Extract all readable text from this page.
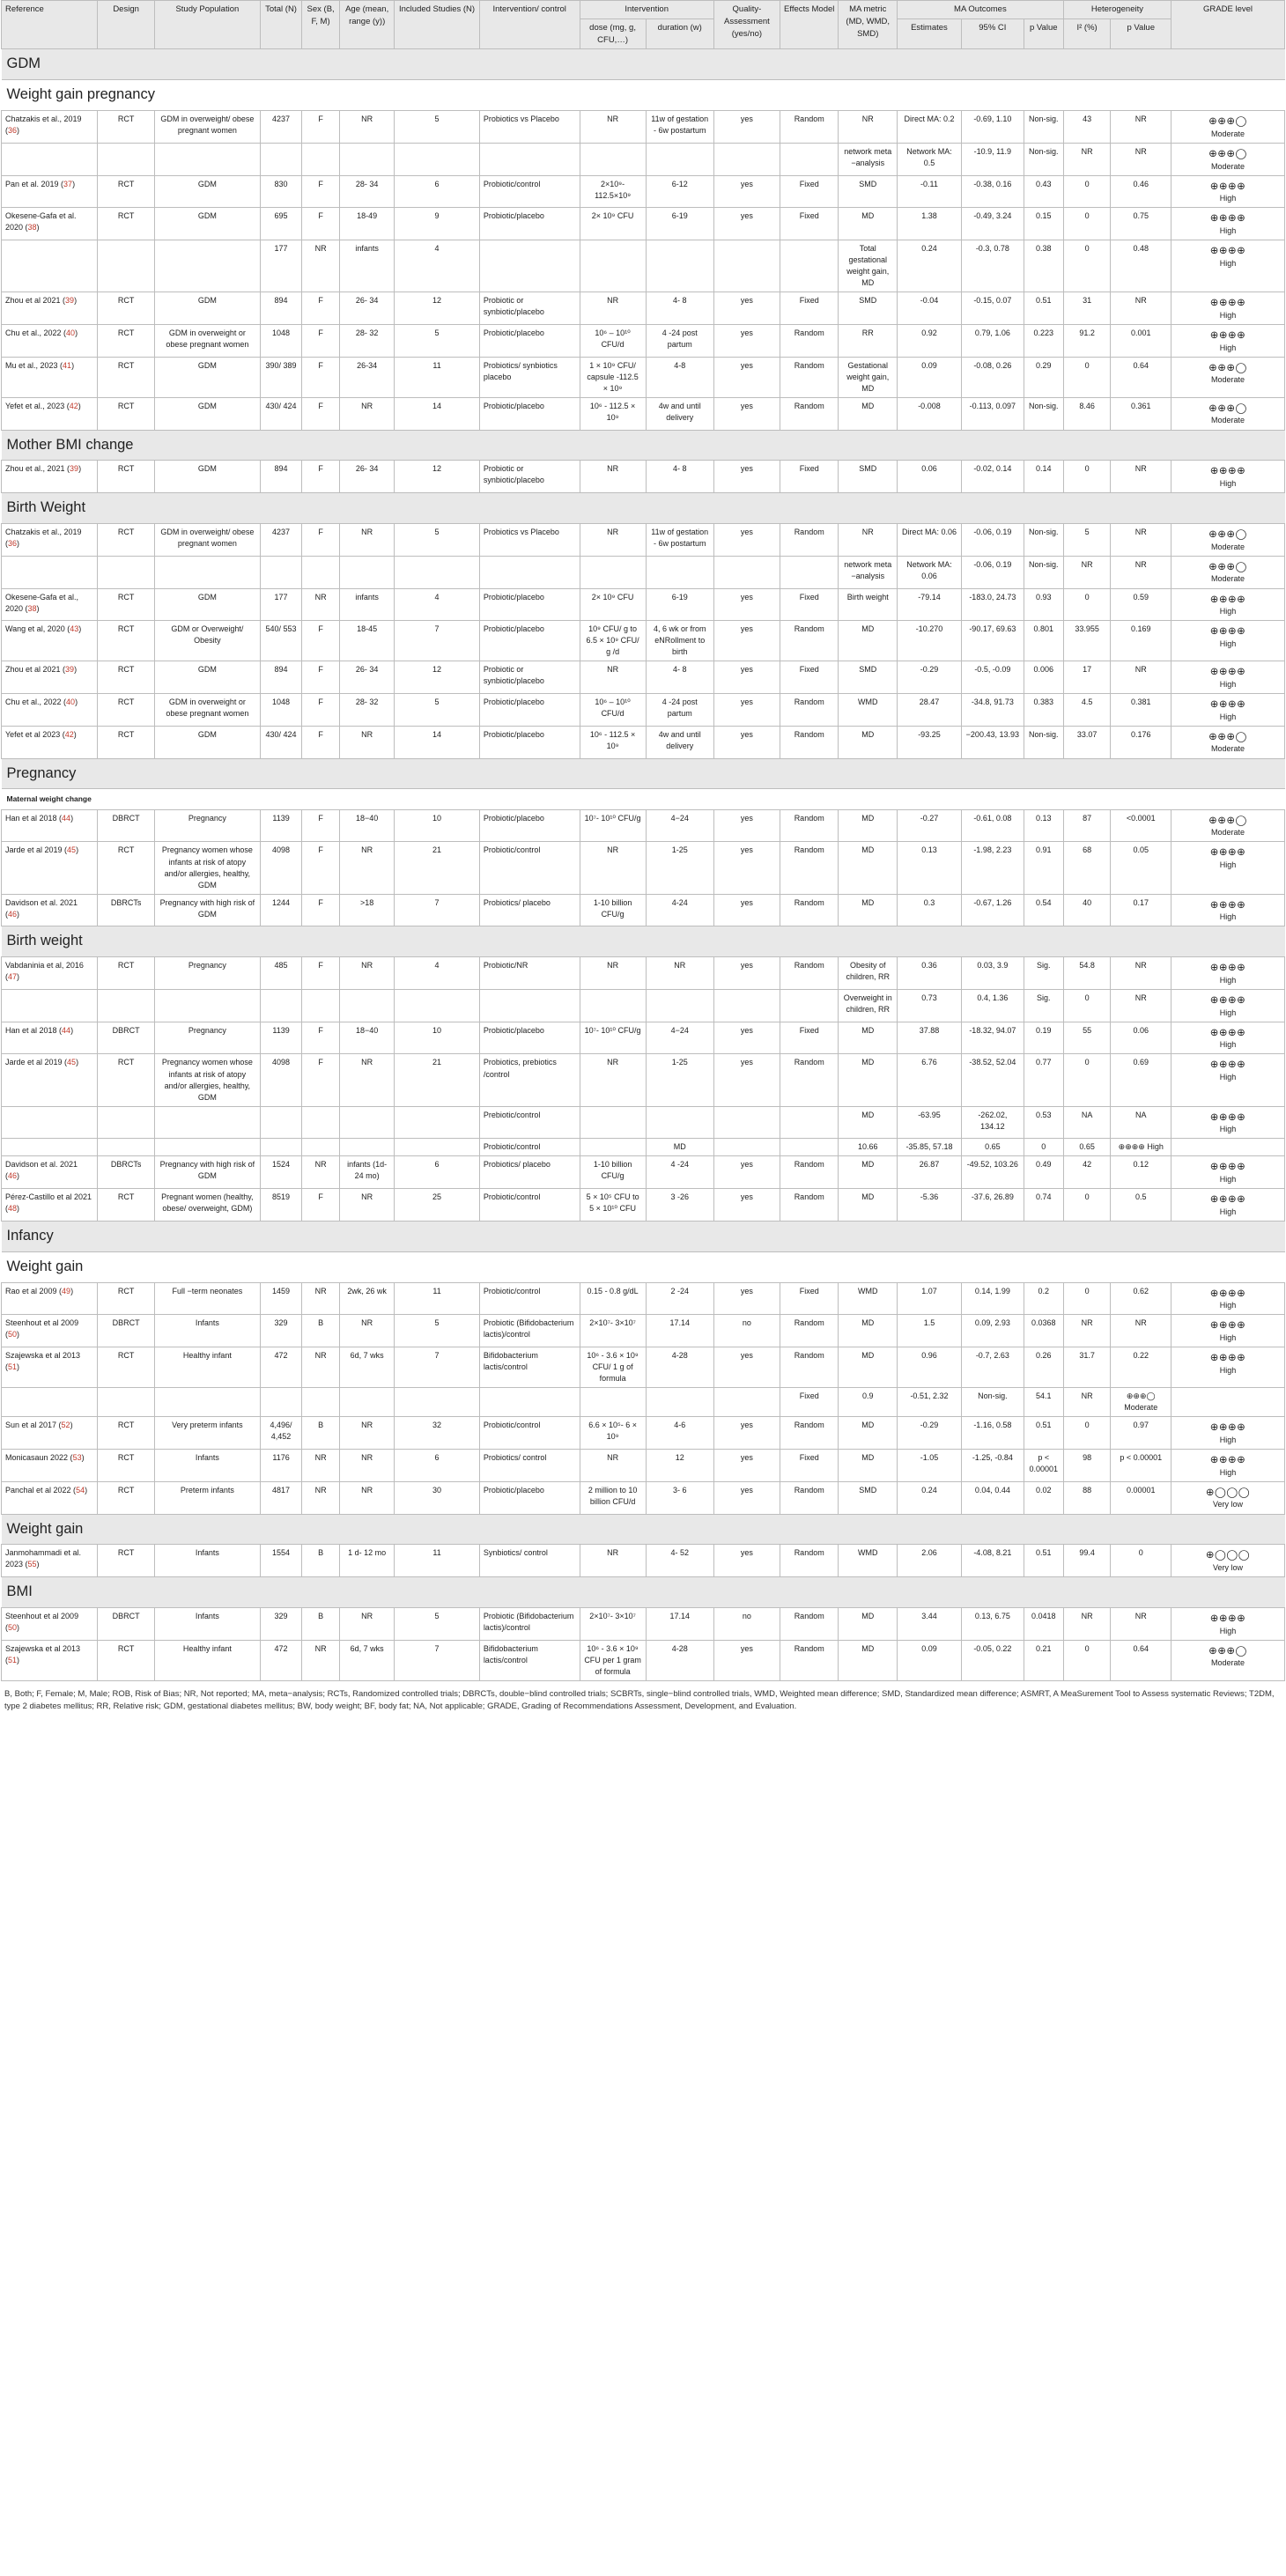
Reference	Design	Study Population	Total (N)	Sex (B, F, M)	Age (mean, range (y))	Included Studies (N)	Intervention/ control	Intervention		Quality-Assessment (yes/no)	Effects Model	MA metric (MD, WMD, SMD)	MA Outcomes			Heterogeneity		GRADE level
								dose (mg, g, CFU,…)	duration (w)				Estimates	95% CI	p Value	I² (%)	p Value	
GDM																		
Weight gain pregnancy																		
Chatzakis et al., 2019 (36)	RCT	GDM in overweight/ obese pregnant women	4237	F	NR	5	Probiotics vs Placebo	NR	11w of gestation - 6w postartum	yes	Random	NR	Direct MA: 0.2	-0.69, 1.10	Non-sig.	43	NR	⊕⊕⊕◯
Moderate

												network meta −analysis	Network MA: 0.5	-10.9, 11.9	Non-sig.	NR	NR	⊕⊕⊕◯
Moderate

Pan et al. 2019 (37)	RCT	GDM	830	F	28- 34	6	Probiotic/control	2×10⁹- 112.5×10⁹	6-12	yes	Fixed	SMD	-0.11	-0.38, 0.16	0.43	0	0.46	⊕⊕⊕⊕
High

Okesene-Gafa et al. 2020 (38)	RCT	GDM	695	F	18-49	9	Probiotic/placebo	2× 10⁹ CFU	6-19	yes	Fixed	MD	1.38	-0.49, 3.24	0.15	0	0.75	⊕⊕⊕⊕
High

			177	NR	infants	4						Total gestational weight gain, MD	0.24	-0.3, 0.78	0.38	0	0.48	⊕⊕⊕⊕
High

Zhou et al 2021 (39)	RCT	GDM	894	F	26- 34	12	Probiotic or synbiotic/placebo	NR	4- 8	yes	Fixed	SMD	-0.04	-0.15, 0.07	0.51	31	NR	⊕⊕⊕⊕
High

Chu et al., 2022 (40)	RCT	GDM in overweight or obese pregnant women	1048	F	28- 32	5	Probiotic/placebo	10⁶ – 10¹⁰ CFU/d	4 -24 post partum	yes	Random	RR	0.92	0.79, 1.06	0.223	91.2	0.001	⊕⊕⊕⊕
High

Mu et al., 2023 (41)	RCT	GDM	390/ 389	F	26-34	11	Probiotics/ synbiotics placebo	1 × 10⁹ CFU/ capsule -112.5 × 10⁹	4-8	yes	Random	Gestational weight gain, MD	0.09	-0.08, 0.26	0.29	0	0.64	⊕⊕⊕◯
Moderate

Yefet et al., 2023 (42)	RCT	GDM	430/ 424	F	NR	14	Probiotic/placebo	10⁶ - 112.5 × 10⁹	4w and until delivery	yes	Random	MD	-0.008	-0.113, 0.097	Non-sig.	8.46	0.361	⊕⊕⊕◯
Moderate

Mother BMI change																		
Zhou et al., 2021 (39)	RCT	GDM	894	F	26- 34	12	Probiotic or synbiotic/placebo	NR	4- 8	yes	Fixed	SMD	0.06	-0.02, 0.14	0.14	0	NR	⊕⊕⊕⊕
High

Birth Weight																		
Chatzakis et al., 2019 (36)	RCT	GDM in overweight/ obese pregnant women	4237	F	NR	5	Probiotics vs Placebo	NR	11w of gestation - 6w postartum	yes	Random	NR	Direct MA: 0.06	-0.06, 0.19	Non-sig.	5	NR	⊕⊕⊕◯
Moderate

												network meta −analysis	Network MA: 0.06	-0.06, 0.19	Non-sig.	NR	NR	⊕⊕⊕◯
Moderate

Okesene-Gafa et al., 2020 (38)	RCT	GDM	177	NR	infants	4	Probiotic/placebo	2× 10⁹ CFU	6-19	yes	Fixed	Birth weight	-79.14	-183.0, 24.73	0.93	0	0.59	⊕⊕⊕⊕
High

Wang et al, 2020 (43)	RCT	GDM or Overweight/ Obesity	540/ 553	F	18-45	7	Probiotic/placebo	10⁹ CFU/ g to 6.5 × 10⁹ CFU/ g /d	4, 6 wk or from eNRollment to birth	yes	Random	MD	-10.270	-90.17, 69.63	0.801	33.955	0.169	⊕⊕⊕⊕
High

Zhou et al 2021 (39)	RCT	GDM	894	F	26- 34	12	Probiotic or synbiotic/placebo	NR	4- 8	yes	Fixed	SMD	-0.29	-0.5, -0.09	0.006	17	NR	⊕⊕⊕⊕
High

Chu et al., 2022 (40)	RCT	GDM in overweight or obese pregnant women	1048	F	28- 32	5	Probiotic/placebo	10⁶ – 10¹⁰ CFU/d	4 -24 post partum	yes	Random	WMD	28.47	-34.8, 91.73	0.383	4.5	0.381	⊕⊕⊕⊕
High

Yefet et al 2023 (42)	RCT	GDM	430/ 424	F	NR	14	Probiotic/placebo	10⁶ - 112.5 × 10⁹	4w and until delivery	yes	Random	MD	-93.25	−200.43, 13.93	Non-sig.	33.07	0.176	⊕⊕⊕◯
Moderate

Pregnancy																		
Maternal weight change																		
Han et al 2018 (44)	DBRCT	Pregnancy	1139	F	18−40	10	Probiotic/placebo	10⁷- 10¹⁰ CFU/g	4−24	yes	Random	MD	-0.27	-0.61, 0.08	0.13	87	<0.0001	⊕⊕⊕◯
Moderate

Jarde et al 2019 (45)	RCT	Pregnancy women whose infants at risk of atopy and/or allergies, healthy, GDM	4098	F	NR	21	Probiotic/control	NR	1-25	yes	Random	MD	0.13	-1.98, 2.23	0.91	68	0.05	⊕⊕⊕⊕
High

Davidson et al. 2021 (46)	DBRCTs	Pregnancy with high risk of GDM	1244	F	>18	7	Probiotics/ placebo	1-10 billion CFU/g	4-24	yes	Random	MD	0.3	-0.67, 1.26	0.54	40	0.17	⊕⊕⊕⊕
High

Birth weight																		
Vabdaninia et al, 2016 (47)	RCT	Pregnancy	485	F	NR	4	Probiotic/NR	NR	NR	yes	Random	Obesity of children, RR	0.36	0.03, 3.9	Sig.	54.8	NR	⊕⊕⊕⊕
High

												Overweight in children, RR	0.73	0.4, 1.36	Sig.	0	NR	⊕⊕⊕⊕
High

Han et al 2018 (44)	DBRCT	Pregnancy	1139	F	18−40	10	Probiotic/placebo	10⁷- 10¹⁰ CFU/g	4−24	yes	Fixed	MD	37.88	-18.32, 94.07	0.19	55	0.06	⊕⊕⊕⊕
High

Jarde et al 2019 (45)	RCT	Pregnancy women whose infants at risk of atopy and/or allergies, healthy, GDM	4098	F	NR	21	Probiotics, prebiotics /control	NR	1-25	yes	Random	MD	6.76	-38.52, 52.04	0.77	0	0.69	⊕⊕⊕⊕
High

							Prebiotic/control					MD	-63.95	-262.02, 134.12	0.53	NA	NA	⊕⊕⊕⊕
High

							Probiotic/control		MD			10.66	-35.85, 57.18	0.65	0	0.65	⊕⊕⊕⊕ High	

Davidson et al. 2021 (46)	DBRCTs	Pregnancy with high risk of GDM	1524	NR	infants (1d- 24 mo)	6	Probiotics/ placebo	1-10 billion CFU/g	4 -24	yes	Random	MD	26.87	-49.52, 103.26	0.49	42	0.12	⊕⊕⊕⊕
High

Pérez-Castillo et al 2021 (48)	RCT	Pregnant women (healthy, obese/ overweight, GDM)	8519	F	NR	25	Probiotic/control	5 × 10⁵ CFU to 5 × 10¹⁰ CFU	3 -26	yes	Random	MD	-5.36	-37.6, 26.89	0.74	0	0.5	⊕⊕⊕⊕
High

Infancy																		
Weight gain																		
Rao et al 2009 (49)	RCT	Full −term neonates	1459	NR	2wk, 26 wk	11	Probiotic/control	0.15 - 0.8 g/dL	2 -24	yes	Fixed	WMD	1.07	0.14, 1.99	0.2	0	0.62	⊕⊕⊕⊕
High

Steenhout et al 2009 (50)	DBRCT	Infants	329	B	NR	5	Probiotic (Bifidobacterium lactis)/control	2×10⁷- 3×10⁷	17.14	no	Random	MD	1.5	0.09, 2.93	0.0368	NR	NR	⊕⊕⊕⊕
High

Szajewska et al 2013 (51)	RCT	Healthy infant	472	NR	6d, 7 wks	7	Bifidobacterium lactis/control	10⁶ - 3.6 × 10⁹ CFU/ 1 g of formula	4-28	yes	Random	MD	0.96	-0.7, 2.63	0.26	31.7	0.22	⊕⊕⊕⊕
High

											Fixed	0.9	-0.51, 2.32	Non-sig.	54.1	NR	⊕⊕⊕◯ Moderate	

Sun et al 2017 (52)	RCT	Very preterm infants	4,496/ 4,452	B	NR	32	Probiotic/control	6.6 × 10⁵- 6 × 10⁹	4-6	yes	Random	MD	-0.29	-1.16, 0.58	0.51	0	0.97	⊕⊕⊕⊕
High

Monicasaun 2022 (53)	RCT	Infants	1176	NR	NR	6	Probiotics/ control	NR	12	yes	Fixed	MD	-1.05	-1.25, -0.84	p < 0.00001	98	p < 0.00001	⊕⊕⊕⊕
High

Panchal et al 2022 (54)	RCT	Preterm infants	4817	NR	NR	30	Probiotic/placebo	2 million to 10 billion CFU/d	3- 6	yes	Random	SMD	0.24	0.04, 0.44	0.02	88	0.00001	⊕◯◯◯
Very low

Weight gain																		
Janmohammadi et al. 2023 (55)	RCT	Infants	1554	B	1 d- 12 mo	11	Synbiotics/ control	NR	4- 52	yes	Random	WMD	2.06	-4.08, 8.21	0.51	99.4	0	⊕◯◯◯
Very low

BMI																		
Steenhout et al 2009 (50)	DBRCT	Infants	329	B	NR	5	Probiotic (Bifidobacterium lactis)/control	2×10⁷- 3×10⁷	17.14	no	Random	MD	3.44	0.13, 6.75	0.0418	NR	NR	⊕⊕⊕⊕
High

Szajewska et al 2013 (51)	RCT	Healthy infant	472	NR	6d, 7 wks	7	Bifidobacterium lactis/control	10⁶ - 3.6 × 10⁹ CFU per 1 gram of formula	4-28	yes	Random	MD	0.09	-0.05, 0.22	0.21	0	0.64	⊕⊕⊕◯
Moderate
B, Both; F, Female; M, Male; ROB, Risk of Bias; NR, Not reported; MA, meta−analysis; RCTs, Randomized controlled trials; DBRCTs, double−blind controlled trials; SCBRTs, single−blind controlled trials, WMD, Weighted mean difference; SMD, Standardized mean difference; ASMRT, A MeaSurement Tool to Assess systematic Reviews; T2DM, type 2 diabetes mellitus; RR, Relative risk; GDM, gestational diabetes mellitus; BW, body weight; BF, body fat; NA, Not applicable; GRADE, Grading of Recommendations Assessment, Development, and Evaluation.
